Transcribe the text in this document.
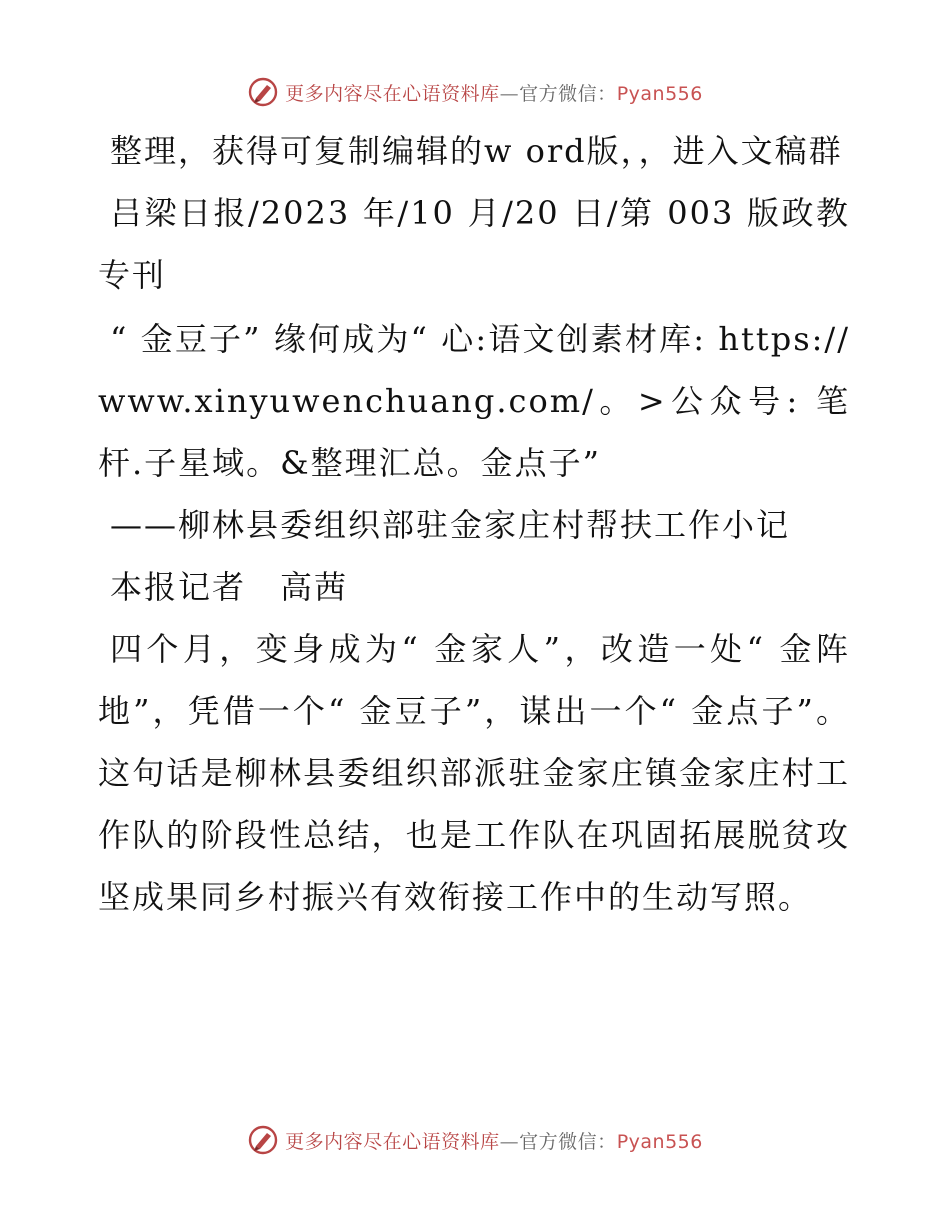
更多内容尽在心语资料库—官方微信：Pyan556

整理，获得可复制编辑的w ord版，，进入文稿群

吕梁日报/2023 年/10 月/20 日/第 003 版政教专刊

“ 金豆子” 缘何成为“ 心:语文创素材库: https://www.xinyuwenchuang.com/。>公众号: 笔杆.子星域。&整理汇总。金点子”

——柳林县委组织部驻金家庄村帮扶工作小记

本报记者　高茜

四个月，变身成为“ 金家人”，改造一处“ 金阵地”，凭借一个“ 金豆子”，谋出一个“ 金点子”。这句话是柳林县委组织部派驻金家庄镇金家庄村工作队的阶段性总结，也是工作队在巩固拓展脱贫攻坚成果同乡村振兴有效衔接工作中的生动写照。

更多内容尽在心语资料库—官方微信：Pyan556
